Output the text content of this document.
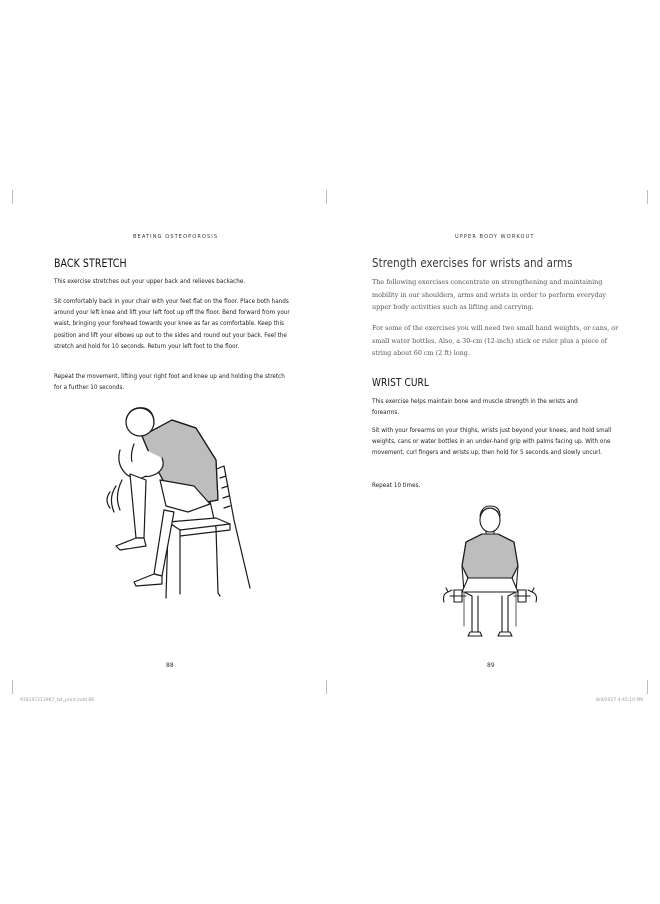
BEATING OSTEOPOROSIS
BACK STRETCH
This exercise stretches out your upper back and relieves backache.
Sit comfortably back in your chair with your feet flat on the floor. Place both hands around your left knee and lift your left foot up off the floor. Bend forward from your waist, bringing your forehead towards your knee as far as comfortable. Keep this position and lift your elbows up out to the sides and round out your back. Feel the stretch and hold for 10 seconds. Return your left foot to the floor.
Repeat the movement, lifting your right foot and knee up and holding the stretch for a further 10 seconds.
88
978147213967_txt_print.indd 88
UPPER BODY WORKOUT
Strength exercises for wrists and arms
The following exercises concentrate on strengthening and maintaining mobility in our shoulders, arms and wrists in order to perform everyday upper body activities such as lifting and carrying.
For some of the exercises you will need two small hand weights, or cans, or small water bottles. Also, a 30-cm (12-inch) stick or ruler plus a piece of string about 60 cm (2 ft) long.
WRIST CURL
This exercise helps maintain bone and muscle strength in the wrists and forearms.
Sit with your forearms on your thighs, wrists just beyond your knees, and hold small weights, cans or water bottles in an under-hand grip with palms facing up. With one movement, curl fingers and wrists up, then hold for 5 seconds and slowly uncurl.
Repeat 10 times.
89
8/4/2017 4:45:10 PM
